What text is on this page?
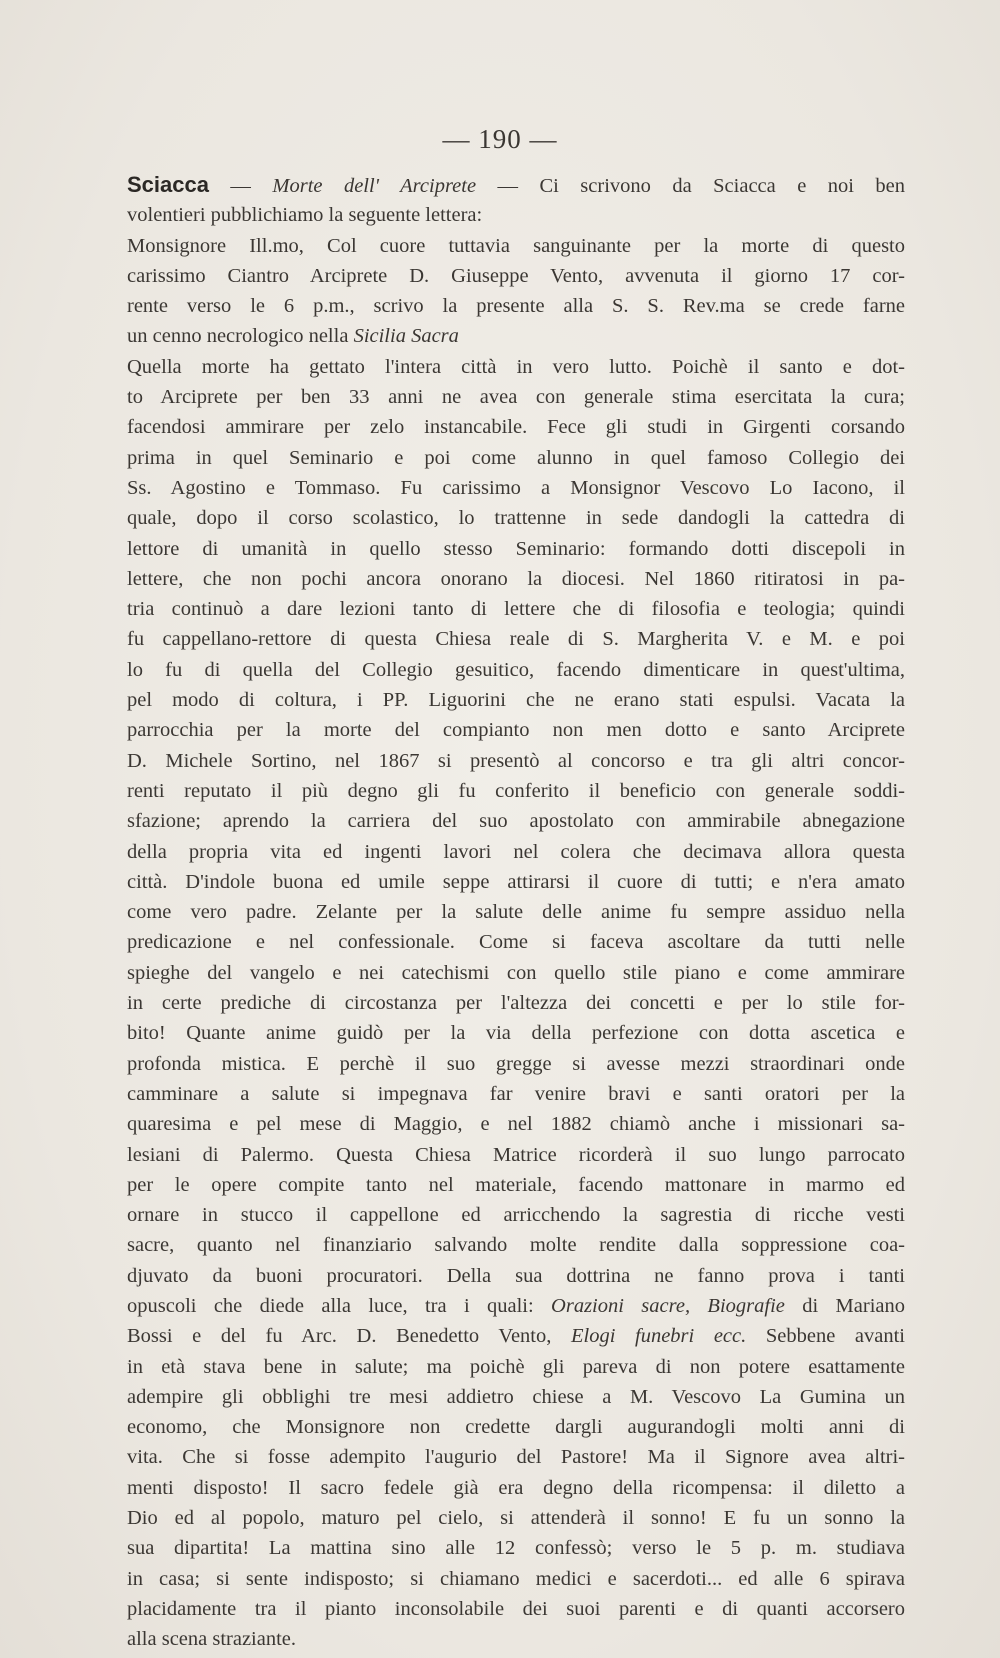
— 190 —
Sciacca — Morte dell' Arciprete — Ci scrivono da Sciacca e noi ben
volentieri pubblichiamo la seguente lettera:
Monsignore Ill.mo, Col cuore tuttavia sanguinante per la morte di questo
carissimo Ciantro Arciprete D. Giuseppe Vento, avvenuta il giorno 17 cor-
rente verso le 6 p.m., scrivo la presente alla S. S. Rev.ma se crede farne
un cenno necrologico nella Sicilia Sacra
Quella morte ha gettato l'intera città in vero lutto. Poichè il santo e dot-
to Arciprete per ben 33 anni ne avea con generale stima esercitata la cura;
facendosi ammirare per zelo instancabile. Fece gli studi in Girgenti corsando
prima in quel Seminario e poi come alunno in quel famoso Collegio dei
Ss. Agostino e Tommaso. Fu carissimo a Monsignor Vescovo Lo Iacono, il
quale, dopo il corso scolastico, lo trattenne in sede dandogli la cattedra di
lettore di umanità in quello stesso Seminario: formando dotti discepoli in
lettere, che non pochi ancora onorano la diocesi. Nel 1860 ritiratosi in pa-
tria continuò a dare lezioni tanto di lettere che di filosofia e teologia; quindi
fu cappellano-rettore di questa Chiesa reale di S. Margherita V. e M. e poi
lo fu di quella del Collegio gesuitico, facendo dimenticare in quest'ultima,
pel modo di coltura, i PP. Liguorini che ne erano stati espulsi. Vacata la
parrocchia per la morte del compianto non men dotto e santo Arciprete
D. Michele Sortino, nel 1867 si presentò al concorso e tra gli altri concor-
renti reputato il più degno gli fu conferito il beneficio con generale soddi-
sfazione; aprendo la carriera del suo apostolato con ammirabile abnegazione
della propria vita ed ingenti lavori nel colera che decimava allora questa
città. D'indole buona ed umile seppe attirarsi il cuore di tutti; e n'era amato
come vero padre. Zelante per la salute delle anime fu sempre assiduo nella
predicazione e nel confessionale. Come si faceva ascoltare da tutti nelle
spieghe del vangelo e nei catechismi con quello stile piano e come ammirare
in certe prediche di circostanza per l'altezza dei concetti e per lo stile for-
bito! Quante anime guidò per la via della perfezione con dotta ascetica e
profonda mistica. E perchè il suo gregge si avesse mezzi straordinari onde
camminare a salute si impegnava far venire bravi e santi oratori per la
quaresima e pel mese di Maggio, e nel 1882 chiamò anche i missionari sa-
lesiani di Palermo. Questa Chiesa Matrice ricorderà il suo lungo parrocato
per le opere compite tanto nel materiale, facendo mattonare in marmo ed
ornare in stucco il cappellone ed arricchendo la sagrestia di ricche vesti
sacre, quanto nel finanziario salvando molte rendite dalla soppressione coa-
djuvato da buoni procuratori. Della sua dottrina ne fanno prova i tanti
opuscoli che diede alla luce, tra i quali: Orazioni sacre, Biografie di Mariano
Bossi e del fu Arc. D. Benedetto Vento, Elogi funebri ecc. Sebbene avanti
in età stava bene in salute; ma poichè gli pareva di non potere esattamente
adempire gli obblighi tre mesi addietro chiese a M. Vescovo La Gumina un
economo, che Monsignore non credette dargli augurandogli molti anni di
vita. Che si fosse adempito l'augurio del Pastore! Ma il Signore avea altri-
menti disposto! Il sacro fedele già era degno della ricompensa: il diletto a
Dio ed al popolo, maturo pel cielo, si attenderà il sonno! E fu un sonno la
sua dipartita! La mattina sino alle 12 confessò; verso le 5 p. m. studiava
in casa; si sente indisposto; si chiamano medici e sacerdoti... ed alle 6 spirava
placidamente tra il pianto inconsolabile dei suoi parenti e di quanti accorsero
alla scena straziante.
